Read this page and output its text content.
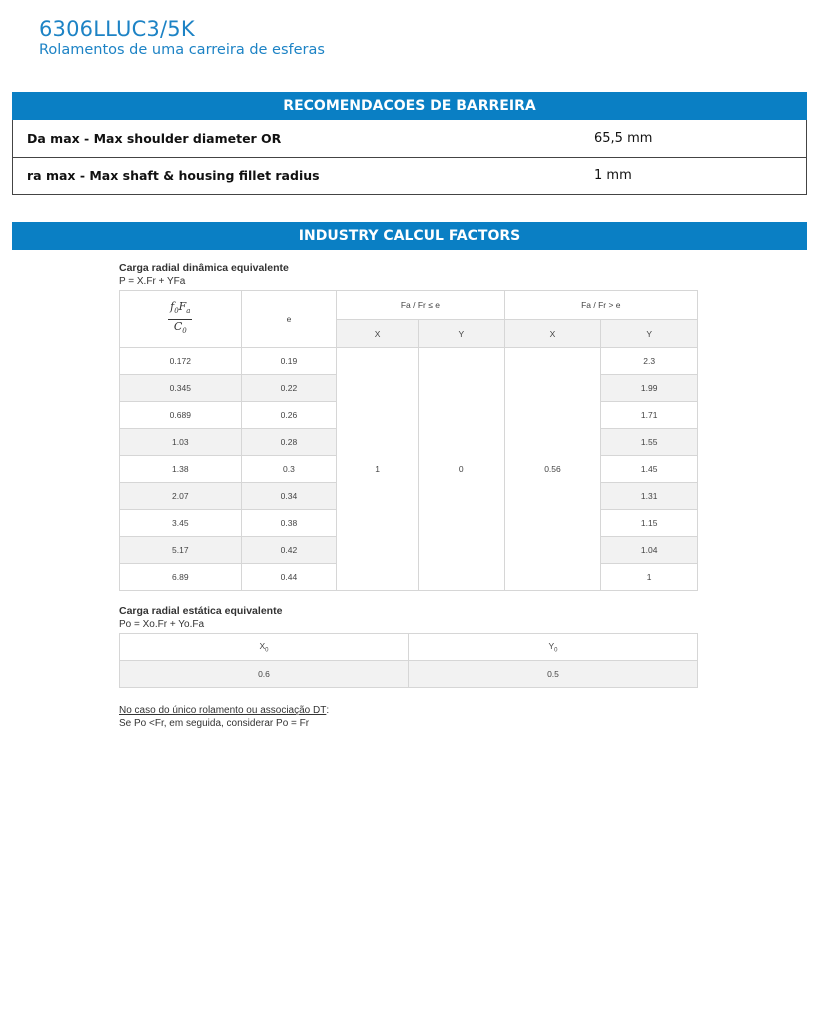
6306LLUC3/5K
Rolamentos de uma carreira de esferas
RECOMENDACOES DE BARREIRA
Da max - Max shoulder diameter OR	65,5 mm
ra max - Max shaft & housing fillet radius	1 mm
INDUSTRY CALCUL FACTORS
Carga radial dinâmica equivalente
P = X.Fr + YFa
$\frac{f_0F_a}{C_0}$	e	Fa / Fr ≤ e		Fa / Fr > e	
		X	Y	X	Y
0.172	0.19	1	0	0.56	2.3
0.345	0.22				1.99
0.689	0.26				1.71
1.03	0.28				1.55
1.38	0.3				1.45
2.07	0.34				1.31
3.45	0.38				1.15
5.17	0.42				1.04
6.89	0.44				1
Carga radial estática equivalente
Po = Xo.Fr + Yo.Fa
$X_0$	$Y_0$
0.6	0.5
No caso do único rolamento ou associação DT:
Se Po <Fr, em seguida, considerar Po = Fr
